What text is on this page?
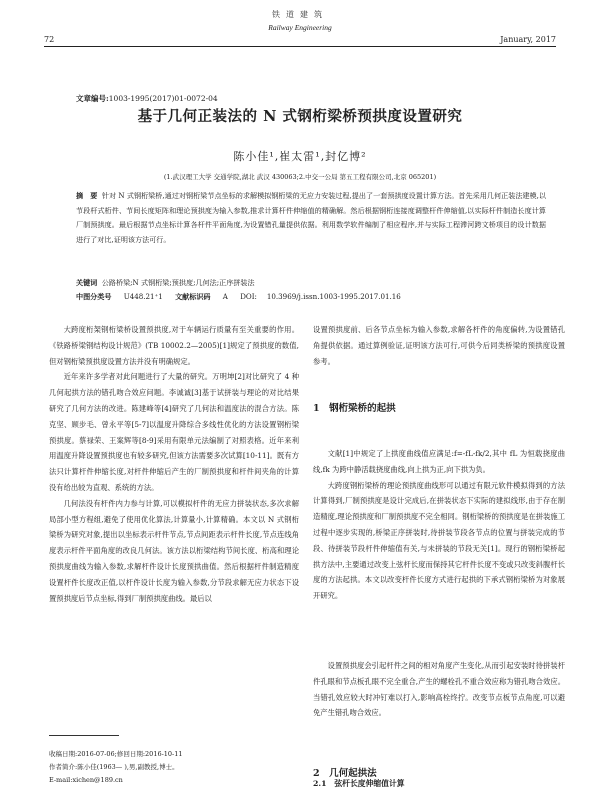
铁道建筑
Railway Engineering
72	January, 2017
文章编号:1003-1995(2017)01-0072-04
基于几何正装法的 N 式钢桁梁桥预拱度设置研究
陈小佳¹,崔太雷¹,封亿博²
(1.武汉理工大学 交通学院,湖北 武汉 430063;2.中交一公局 第五工程有限公司,北京 065201)
摘　要 针对 N 式钢桁梁桥,通过对钢桁梁节点坐标的求解模拟钢桁梁的无应力安装过程,提出了一套预拱度设置计算方法。首先采用几何正装法建模,以节段杆式桁件、节间长度矩阵和理论预拱度为输入参数,推求计算杆件伸缩值的精确解。然后根据钢桁连接度调整杆件伸缩值,以实际杆件制造长度计算厂制预拱度。最后根据节点坐标计算各杆件平面角度,为设置错孔量提供依据。利用数学软件编制了相应程序,并与实际工程滞河跨文桥项目的设计数据进行了对比,证明该方法可行。
关键词 公路桥梁;N 式钢桁梁;预拱度;几何法;正序拼装法
中图分类号 U448.21⁺1 文献标识码 A DOI: 10.3969/j.issn.1003-1995.2017.01.16

大跨度桁架钢桁梁桥设置预拱度,对于车辆运行质量有至关重要的作用。《铁路桥梁钢结构设计规范》(TB 10002.2—2005)[1]规定了预拱度的数值,但对钢桁梁预拱度设置方法并没有明确规定。

近年来许多学者对此问题进行了大量的研究。万明坤[2]对比研究了 4 种几何起拱方法的错孔吻合效应问题。李诚诚[3]基于试拼装与理论的对比结果研究了几何方法的改进。陈建峰等[4]研究了几何法和温度法的混合方法。陈克坚、顾步毛、曾永平等[5-7]以温度升降综合多线性优化的方法设置钢桁梁预拱度。蔡禄荣、王案辉等[8-9]采用有限单元法编制了对照表格。近年来利用温度升降设置预拱度也有较多研究,但该方法需要多次试算[10-11]。既有方法只计算杆件伸缩长度,对杆件伸缩后产生的厂制预拱度和杆件间夹角的计算没有给出较为直观、系统的方法。

几何法没有杆件内力参与计算,可以模拟杆件的无应力拼装状态,多次求解局部小型方程组,避免了使用优化算法,计算量小,计算精确。本文以 N 式钢桁梁桥为研究对象,提出以坐标表示杆件节点,节点间距表示杆件长度,节点连线角度表示杆件平面角度的改良几何法。该方法以桁梁结构节间长度、桁高和理论预拱度曲线为输入参数,求解杆件设计长度预拱曲值。然后根据杆件制造精度设置杆件长度改正值,以杆件设计长度为输入参数,分节段求解无应力状态下设置预拱度后节点坐标,得到厂制预拱度曲线。最后以

设置预拱度前、后各节点坐标为输入参数,求解各杆件的角度偏转,为设置错孔角提供依据。通过算例验证,证明该方法可行,可供今后同类桥梁的预拱度设置参考。

1　钢桁梁桥的起拱

文献[1]中规定了上拱度曲线值应满足:f=-fL-fk/2,其中 fL 为恒载挠度曲线,fk 为跨中静活载挠度曲线,向上拱为正,向下拱为负。

大跨度钢桁梁桥的理论预拱度曲线形可以通过有限元软件模拟得到的方法计算得到,厂制预拱度是设计完成后,在拼装状态下实际的建拟线形,由于存在制造精度,理论预拱度和厂制预拱度不完全相同。钢桁梁桥的预拱度是在拼装施工过程中逐步实现的,桥梁正序拼装时,待拼装节段各节点的位置与拼装完成的节段、待拼装节段杆件伸缩值有关,与未拼装的节段无关[1]。现行的钢桁梁桥起拱方法中,主要通过改变上弦杆长度而保持其它杆件长度不变或只改变斜腹杆长度的方法起拱。本文以改变杆件长度方式进行起拱的下承式钢桁梁桥为对象展开研究。

设置预拱度会引起杆件之间的相对角度产生变化,从而引起安装时待拼装杆件孔眼和节点板孔眼不完全重合,产生的螺栓孔不重合效应称为错孔吻合效应。当错孔效应较大时冲钉难以打入,影响高栓终拧。改变节点板节点角度,可以避免产生错孔吻合效应。

2　几何起拱法
2.1　弦杆长度伸缩值计算
收稿日期:2016-07-06;修回日期:2016-10-11
作者简介:陈小佳(1963— ),男,副教授,博士。
E-mail:xichen@189.cn
